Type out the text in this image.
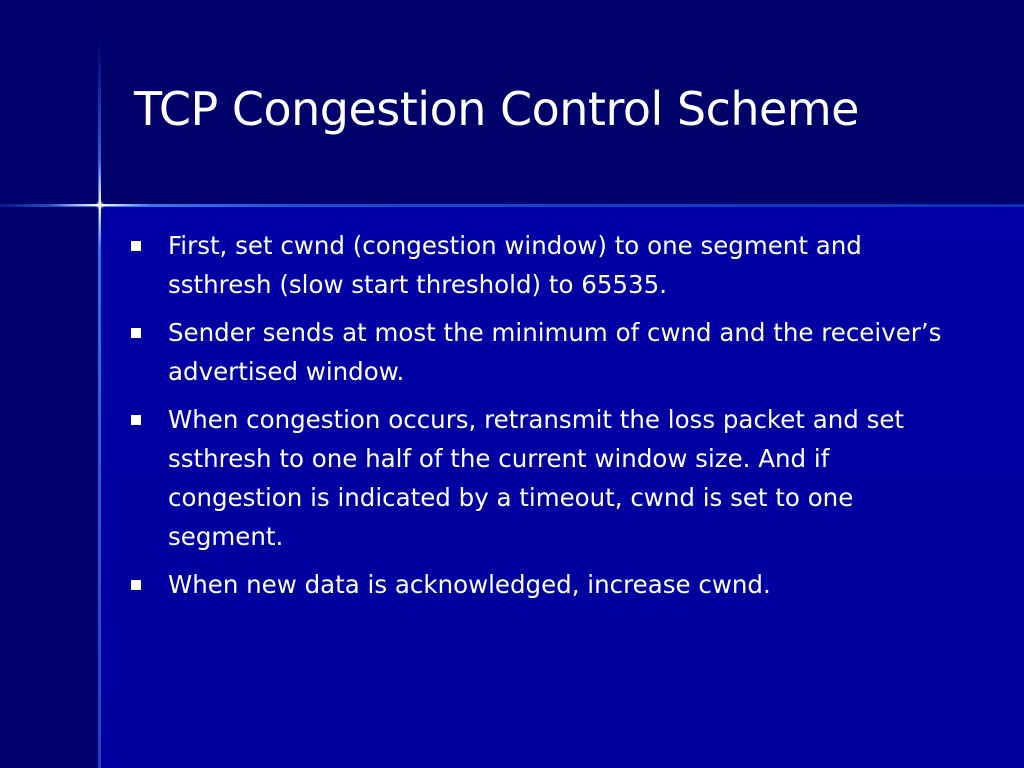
TCP Congestion Control Scheme
First, set cwnd (congestion window) to one segment and ssthresh (slow start threshold) to 65535.
Sender sends at most the minimum of cwnd and the receiver’s advertised window.
When congestion occurs, retransmit the loss packet and set ssthresh to one half of the current window size. And if congestion is indicated by a timeout, cwnd is set to one segment.
When new data is acknowledged, increase cwnd.
